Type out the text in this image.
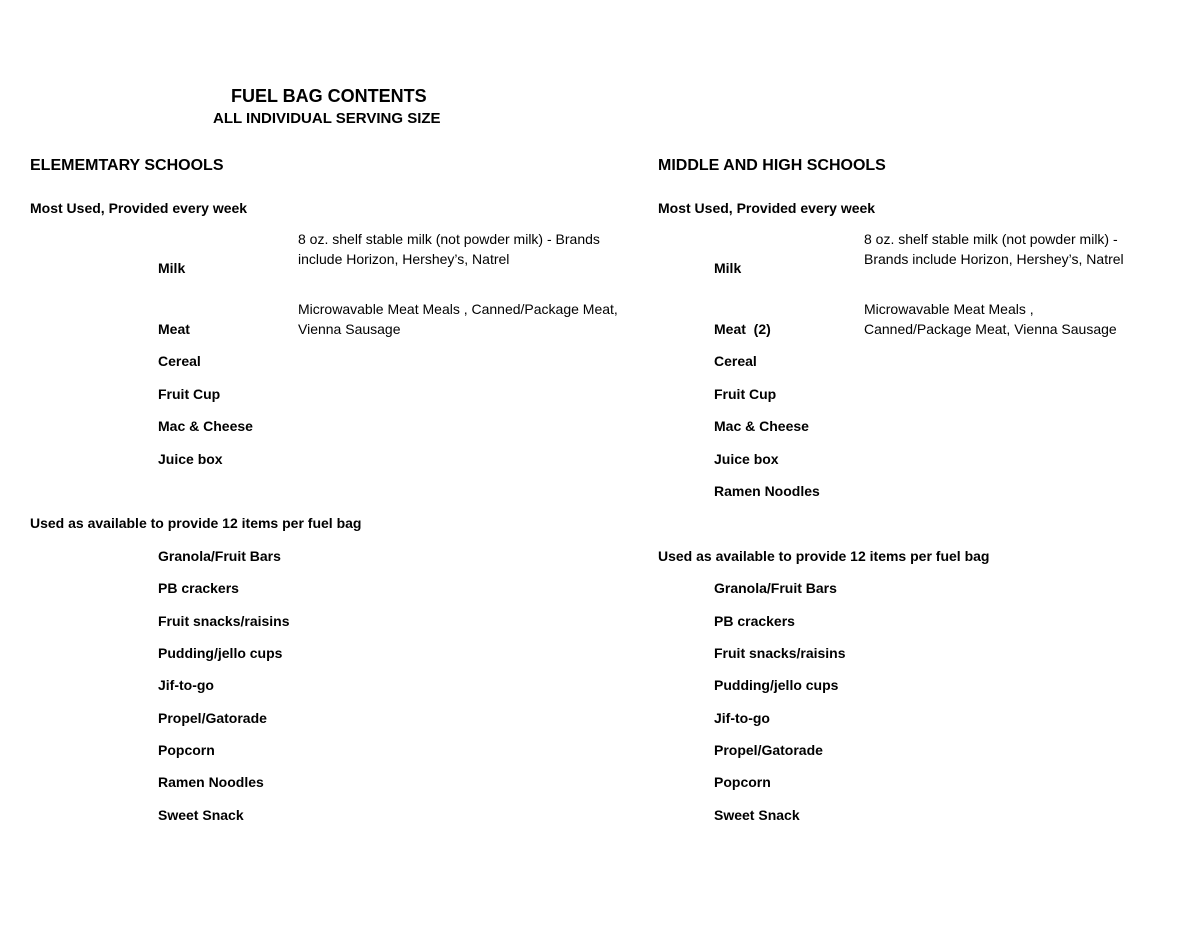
FUEL BAG CONTENTS
ALL INDIVIDUAL SERVING SIZE
ELEMEMTARY SCHOOLS
Most Used, Provided every week
8 oz. shelf stable milk (not powder milk) - Brands include Horizon, Hershey’s, Natrel
Milk
Microwavable Meat Meals , Canned/Package Meat, Vienna Sausage
Meat
Cereal
Fruit Cup
Mac & Cheese
Juice box
Used as available to provide 12 items per fuel bag
Granola/Fruit Bars
PB crackers
Fruit snacks/raisins
Pudding/jello cups
Jif-to-go
Propel/Gatorade
Popcorn
Ramen Noodles
Sweet Snack
MIDDLE AND HIGH SCHOOLS
Most Used, Provided every week
8 oz. shelf stable milk (not powder milk) - Brands include Horizon, Hershey’s, Natrel
Milk
Microwavable Meat Meals , Canned/Package Meat, Vienna Sausage
Meat  (2)
Cereal
Fruit Cup
Mac & Cheese
Juice box
Ramen Noodles
Used as available to provide 12 items per fuel bag
Granola/Fruit Bars
PB crackers
Fruit snacks/raisins
Pudding/jello cups
Jif-to-go
Propel/Gatorade
Popcorn
Sweet Snack
